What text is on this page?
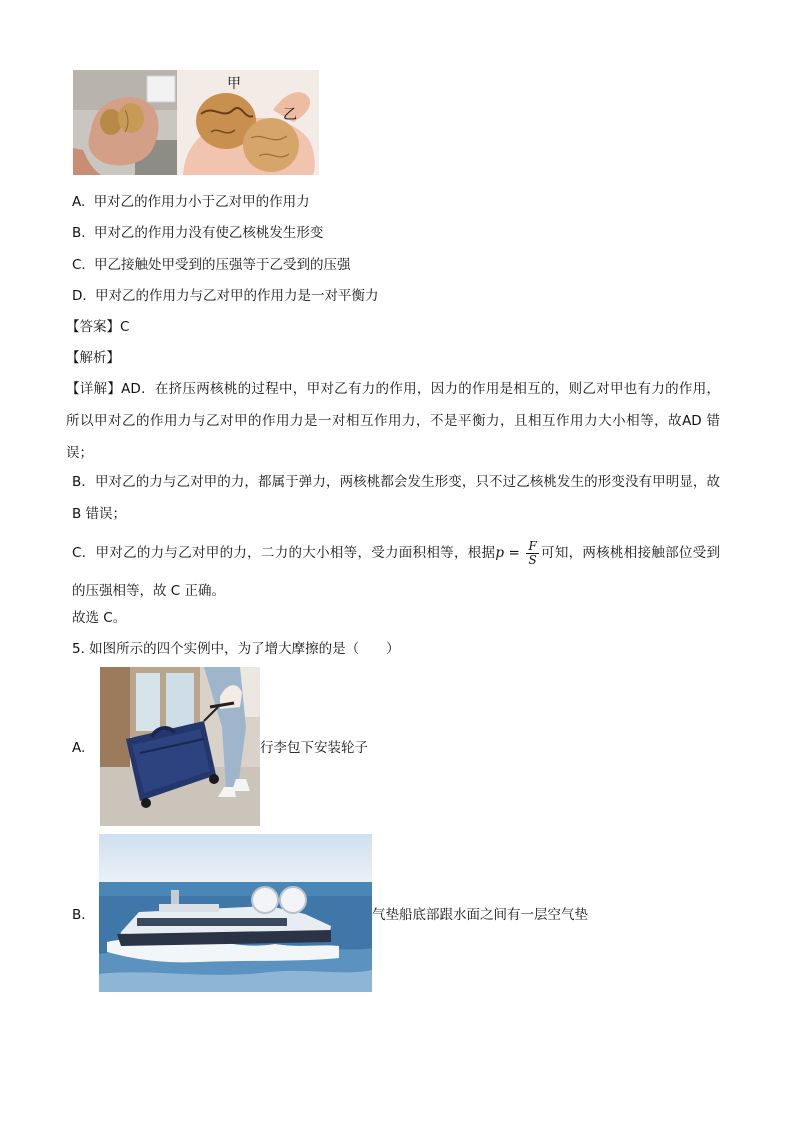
甲
乙
A. 甲对乙的作用力小于乙对甲的作用力
B. 甲对乙的作用力没有使乙核桃发生形变
C. 甲乙接触处甲受到的压强等于乙受到的压强
D. 甲对乙的作用力与乙对甲的作用力是一对平衡力
【答案】C
【解析】
【详解】AD．在挤压两核桃的过程中，甲对乙有力的作用，因力的作用是相互的，则乙对甲也有力的作用，所以甲对乙的作用力与乙对甲的作用力是一对相互作用力，不是平衡力，且相互作用力大小相等，故AD 错误；
B．甲对乙的力与乙对甲的力，都属于弹力，两核桃都会发生形变，只不过乙核桃发生的形变没有甲明显，故 B 错误；
C．甲对乙的力与乙对甲的力，二力的大小相等，受力面积相等，根据$p = \frac{F}{S}$ 可知，两核桃相接触部位受到的压强相等，故 C 正确。
故选 C。
5. 如图所示的四个实例中，为了增大摩擦的是（　　）
A.	行李包下安装轮子
B.	气垫船底部跟水面之间有一层空气垫
